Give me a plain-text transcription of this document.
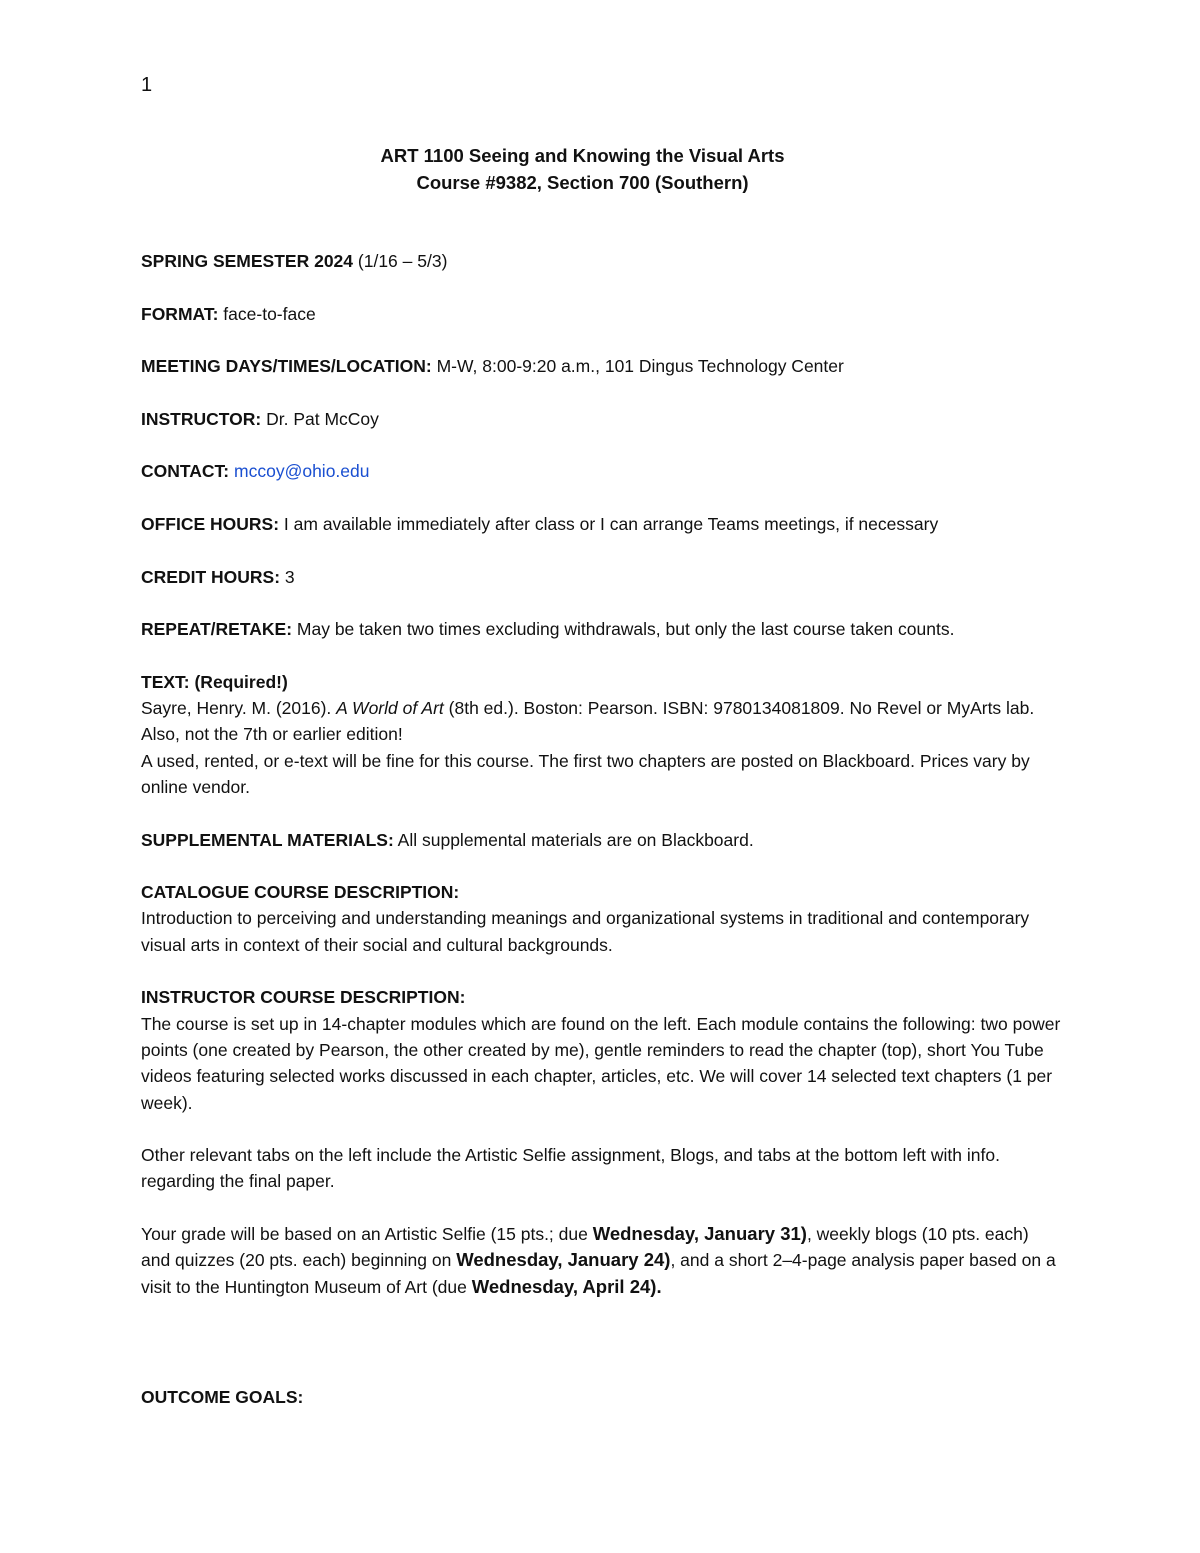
1
ART 1100 Seeing and Knowing the Visual Arts
Course #9382, Section 700 (Southern)

SPRING SEMESTER 2024 (1/16 – 5/3)

FORMAT: face-to-face

MEETING DAYS/TIMES/LOCATION: M-W, 8:00-9:20 a.m., 101 Dingus Technology Center

INSTRUCTOR: Dr. Pat McCoy

CONTACT: mccoy@ohio.edu

OFFICE HOURS: I am available immediately after class or I can arrange Teams meetings, if necessary

CREDIT HOURS: 3

REPEAT/RETAKE: May be taken two times excluding withdrawals, but only the last course taken counts.

TEXT: (Required!)

Sayre, Henry. M. (2016). A World of Art (8th ed.). Boston: Pearson. ISBN: 9780134081809. No Revel or MyArts lab. Also, not the 7th or earlier edition!

A used, rented, or e-text will be fine for this course. The first two chapters are posted on Blackboard. Prices vary by online vendor.

SUPPLEMENTAL MATERIALS: All supplemental materials are on Blackboard.

CATALOGUE COURSE DESCRIPTION:

Introduction to perceiving and understanding meanings and organizational systems in traditional and contemporary visual arts in context of their social and cultural backgrounds.

INSTRUCTOR COURSE DESCRIPTION:

The course is set up in 14-chapter modules which are found on the left. Each module contains the following: two power points (one created by Pearson, the other created by me), gentle reminders to read the chapter (top), short You Tube videos featuring selected works discussed in each chapter, articles, etc. We will cover 14 selected text chapters (1 per week).

Other relevant tabs on the left include the Artistic Selfie assignment, Blogs, and tabs at the bottom left with info. regarding the final paper.

Your grade will be based on an Artistic Selfie (15 pts.; due Wednesday, January 31), weekly blogs (10 pts. each) and quizzes (20 pts. each) beginning on Wednesday, January 24), and a short 2–4-page analysis paper based on a visit to the Huntington Museum of Art (due Wednesday, April 24).

OUTCOME GOALS:
